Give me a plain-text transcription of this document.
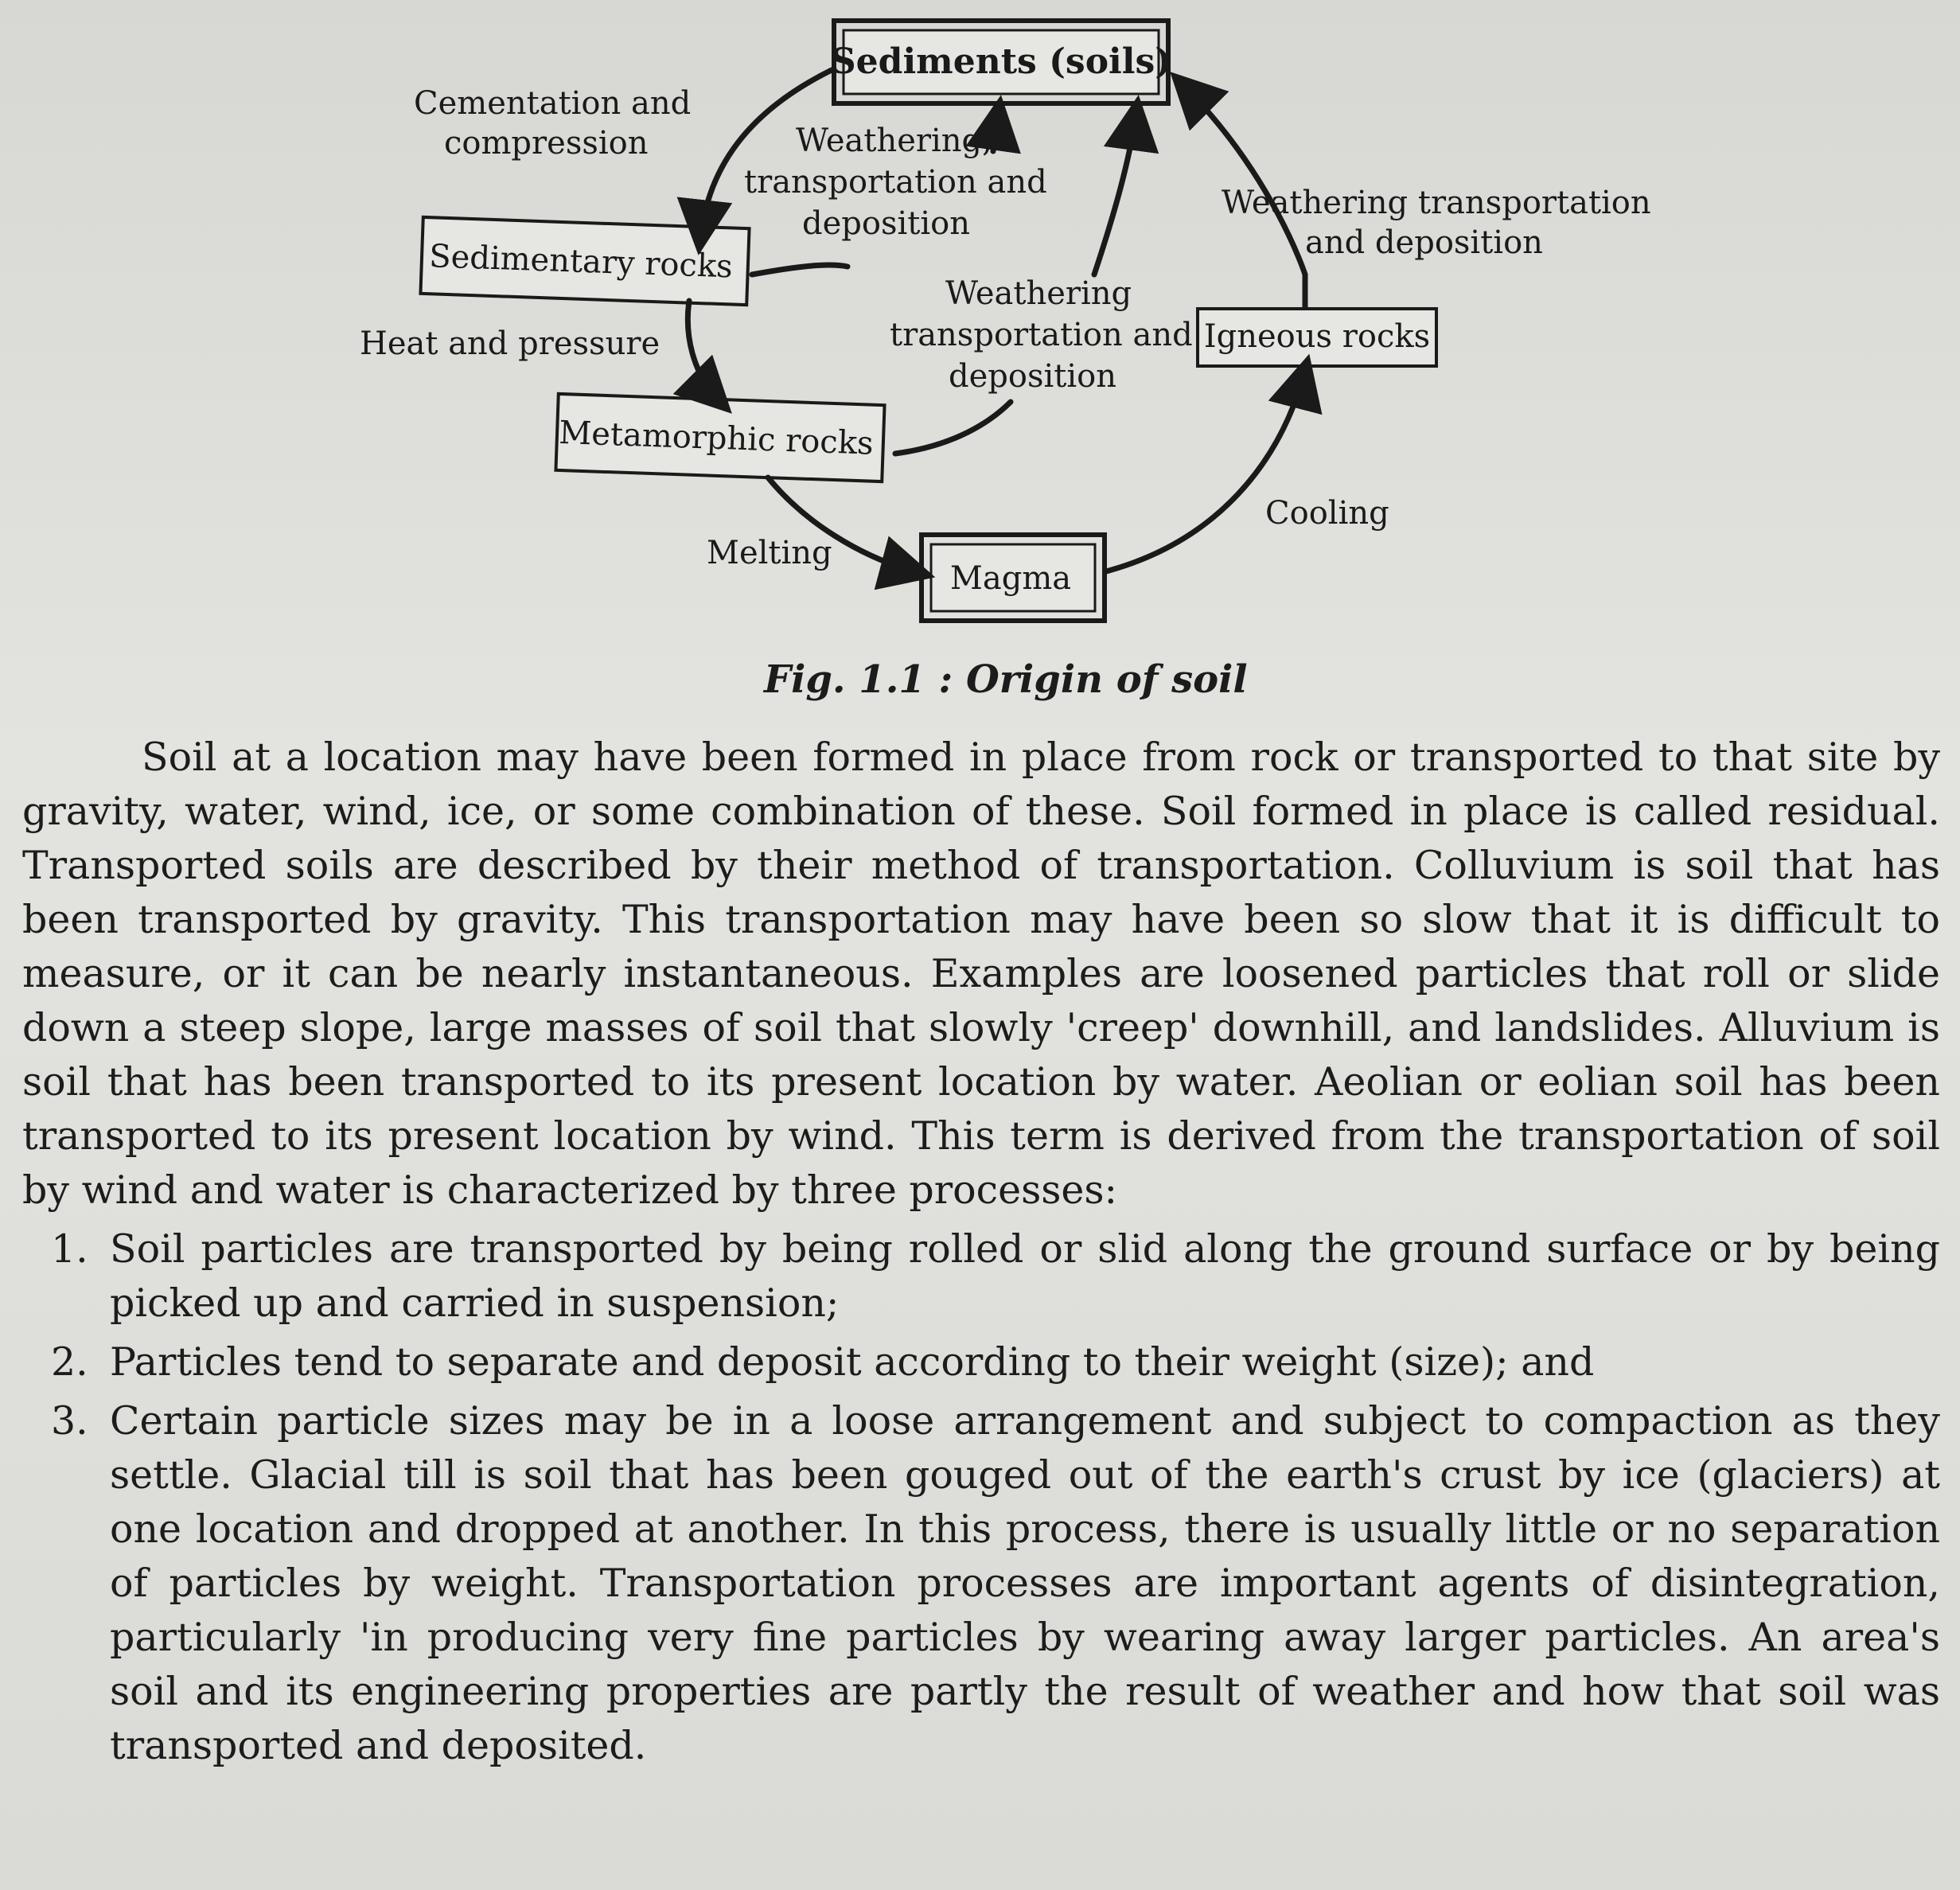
Sediments (soils)
Sedimentary rocks
Metamorphic rocks
Magma
Igneous rocks
Cementation and
compression	Weathering,
transportation and
deposition
Weathering transportation
and deposition
Weathering
transportation and
deposition
Heat and pressure
Cooling
Melting
Fig. 1.1 : Origin of soil

Soil at a location may have been formed in place from rock or transported to that site by gravity, water, wind, ice, or some combination of these. Soil formed in place is called residual. Transported soils are described by their method of transportation. Colluvium is soil that has been transported by gravity. This transportation may have been so slow that it is difficult to measure, or it can be nearly instantaneous. Examples are loosened particles that roll or slide down a steep slope, large masses of soil that slowly 'creep' downhill, and landslides. Alluvium is soil that has been transported to its present location by water. Aeolian or eolian soil has been transported to its present location by wind. This term is derived from the transportation of soil by wind and water is characterized by three processes:

1. Soil particles are transported by being rolled or slid along the ground surface or by being picked up and carried in suspension;
2. Particles tend to separate and deposit according to their weight (size); and
3. Certain particle sizes may be in a loose arrangement and subject to compaction as they settle. Glacial till is soil that has been gouged out of the earth's crust by ice (glaciers) at one location and dropped at another. In this process, there is usually little or no separation of particles by weight. Transportation processes are important agents of disintegration, particularly 'in producing very fine particles by wearing away larger particles. An area's soil and its engineering properties are partly the result of weather and how that soil was transported and deposited.
